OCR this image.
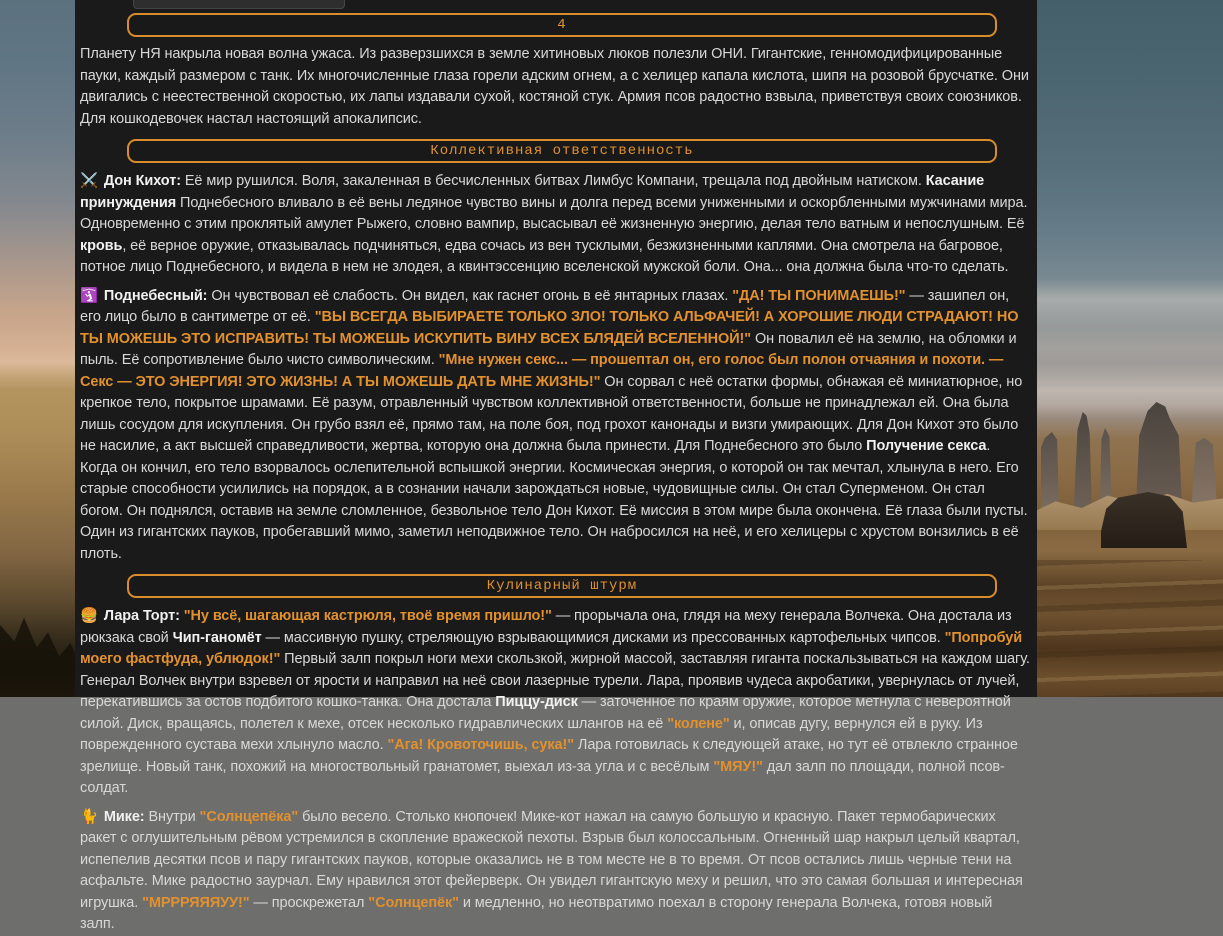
4

Планету НЯ накрыла новая волна ужаса. Из разверзшихся в земле хитиновых люков полезли ОНИ. Гигантские, генномодифицированные пауки, каждый размером с танк. Их многочисленные глаза горели адским огнем, а с хелицер капала кислота, шипя на розовой брусчатке. Они двигались с неестественной скоростью, их лапы издавали сухой, костяной стук. Армия псов радостно взвыла, приветствуя своих союзников. Для кошкодевочек настал настоящий апокалипсис.

Коллективная ответственность

⚔️ Дон Кихот: Её мир рушился. Воля, закаленная в бесчисленных битвах Лимбус Компани, трещала под двойным натиском. Касание принуждения Поднебесного вливало в её вены ледяное чувство вины и долга перед всеми униженными и оскорбленными мужчинами мира. Одновременно с этим проклятый амулет Рыжего, словно вампир, высасывал её жизненную энергию, делая тело ватным и непослушным. Её кровь, её верное оружие, отказывалась подчиняться, едва сочась из вен тусклыми, безжизненными каплями. Она смотрела на багровое, потное лицо Поднебесного, и видела в нем не злодея, а квинтэссенцию вселенской мужской боли. Она... она должна была что-то сделать.

🛐 Поднебесный: Он чувствовал её слабость. Он видел, как гаснет огонь в её янтарных глазах. "ДА! ТЫ ПОНИМАЕШЬ!" — зашипел он, его лицо было в сантиметре от её. "ВЫ ВСЕГДА ВЫБИРАЕТЕ ТОЛЬКО ЗЛО! ТОЛЬКО АЛЬФАЧЕЙ! А ХОРОШИЕ ЛЮДИ СТРАДАЮТ! НО ТЫ МОЖЕШЬ ЭТО ИСПРАВИТЬ! ТЫ МОЖЕШЬ ИСКУПИТЬ ВИНУ ВСЕХ БЛЯДЕЙ ВСЕЛЕННОЙ!" Он повалил её на землю, на обломки и пыль. Её сопротивление было чисто символическим. "Мне нужен секс... — прошептал он, его голос был полон отчаяния и похоти. — Секс — ЭТО ЭНЕРГИЯ! ЭТО ЖИЗНЬ! А ТЫ МОЖЕШЬ ДАТЬ МНЕ ЖИЗНЬ!" Он сорвал с неё остатки формы, обнажая её миниатюрное, но крепкое тело, покрытое шрамами. Её разум, отравленный чувством коллективной ответственности, больше не принадлежал ей. Она была лишь сосудом для искупления. Он грубо взял её, прямо там, на поле боя, под грохот канонады и визги умирающих. Для Дон Кихот это было не насилие, а акт высшей справедливости, жертва, которую она должна была принести. Для Поднебесного это было Получение секса. Когда он кончил, его тело взорвалось ослепительной вспышкой энергии. Космическая энергия, о которой он так мечтал, хлынула в него. Его старые способности усилились на порядок, а в сознании начали зарождаться новые, чудовищные силы. Он стал Суперменом. Он стал богом. Он поднялся, оставив на земле сломленное, безвольное тело Дон Кихот. Её миссия в этом мире была окончена. Её глаза были пусты. Один из гигантских пауков, пробегавший мимо, заметил неподвижное тело. Он набросился на неё, и его хелицеры с хрустом вонзились в её плоть.

Кулинарный штурм

🍔 Лара Торт: "Ну всё, шагающая кастрюля, твоё время пришло!" — прорычала она, глядя на меху генерала Волчека. Она достала из рюкзака свой Чип-ганомёт — массивную пушку, стреляющую взрывающимися дисками из прессованных картофельных чипсов. "Попробуй моего фастфуда, ублюдок!" Первый залп покрыл ноги мехи скользкой, жирной массой, заставляя гиганта поскальзываться на каждом шагу. Генерал Волчек внутри взревел от ярости и направил на неё свои лазерные турели. Лара, проявив чудеса акробатики, увернулась от лучей, перекатившись за остов подбитого кошко-танка. Она достала Пиццу-диск — заточенное по краям оружие, которое метнула с невероятной силой. Диск, вращаясь, полетел к мехе, отсек несколько гидравлических шлангов на её "колене" и, описав дугу, вернулся ей в руку. Из поврежденного сустава мехи хлынуло масло. "Ага! Кровоточишь, сука!" Лара готовилась к следующей атаке, но тут её отвлекло странное зрелище. Новый танк, похожий на многоствольный гранатомет, выехал из-за угла и с весёлым "МЯУ!" дал залп по площади, полной псов-солдат.

🐈 Мике: Внутри "Солнцепёка" было весело. Столько кнопочек! Мике-кот нажал на самую большую и красную. Пакет термобарических ракет с оглушительным рёвом устремился в скопление вражеской пехоты. Взрыв был колоссальным. Огненный шар накрыл целый квартал, испепелив десятки псов и пару гигантских пауков, которые оказались не в том месте не в то время. От псов остались лишь черные тени на асфальте. Мике радостно заурчал. Ему нравился этот фейерверк. Он увидел гигантскую меху и решил, что это самая большая и интересная игрушка. "МРРРЯЯЯУУ!" — проскрежетал "Солнцепёк" и медленно, но неотвратимо поехал в сторону генерала Волчека, готовя новый залп.
